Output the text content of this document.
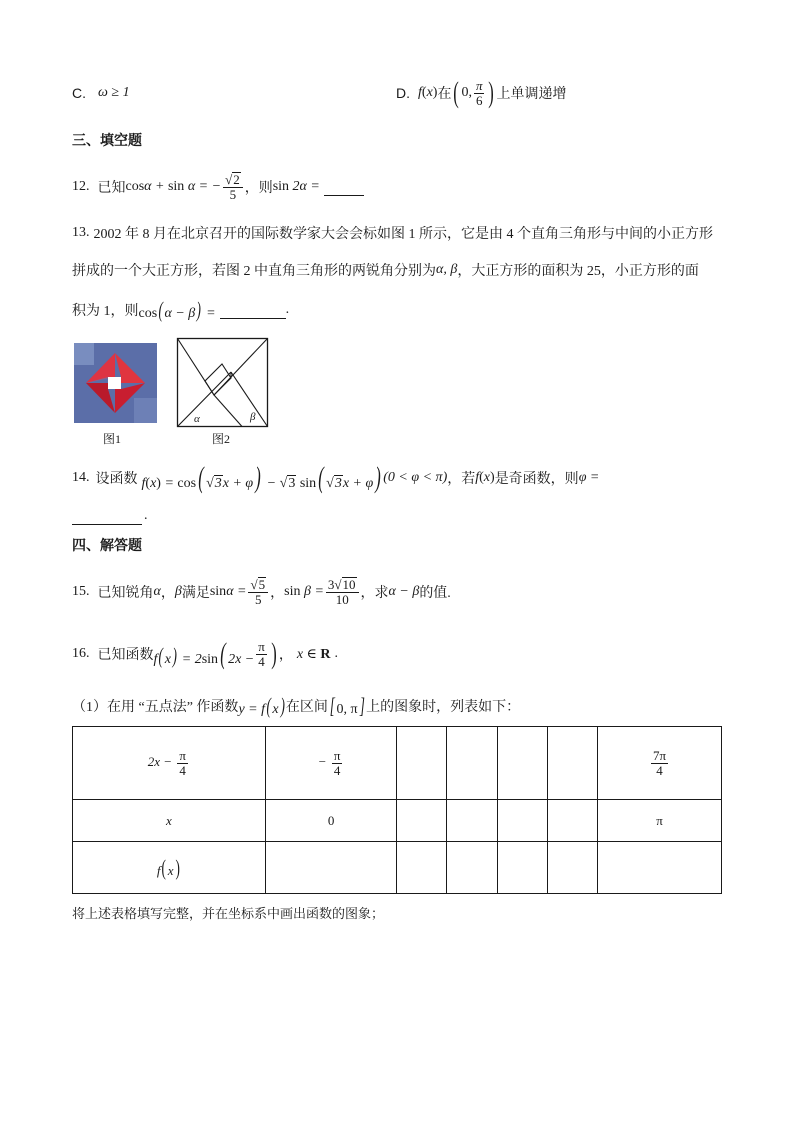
C. ω ≥ 1	D. f(x) 在 ( 0, $\frac{\pi}{6}$ ) 上单调递增
三、填空题
12. 已知 cosα + sin α = − $\frac{√ 2}{5}$ ，则 sin 2α =

13. 2002 年 8 月在北京召开的国际数学家大会会标如图 1 所示，它是由 4 个直角三角形与中间的小正方形
拼成的一个大正方形，若图 2 中直角三角形的两锐角分别为 α, β ，大正方形的面积为 25，小正方形的面
积为 1，则 cos(α − β) =
	.
图1
α	β
图2
14. 设函数 f(x) = cos( √ 3 x + φ) − √ 3 sin( √ 3 x + φ) (0 < φ < π) ，若 f(x) 是奇函数，则 φ =

.
四、解答题
15. 已知锐角 α ， β 满足 $\sin\alpha = \frac{√ 5}{5}$ ， $\sin \beta = \frac{3 √ 10}{10}$ ，求 α − β 的值.
16. 已知函数 f(x) = 2sin( $2x - \frac{\pi}{4}$ ) ， x ∈ R .
（1）在用 “五点法” 作函数 y = f(x) 在区间 [ 0, π] 上的图象时，列表如下：
$2x - \frac{\pi}{4}$	− $\frac{\pi}{4}$					$\frac{7\pi}{4}$

x	0					π
f(x)						
将上述表格填写完整，并在坐标系中画出函数的图象；
